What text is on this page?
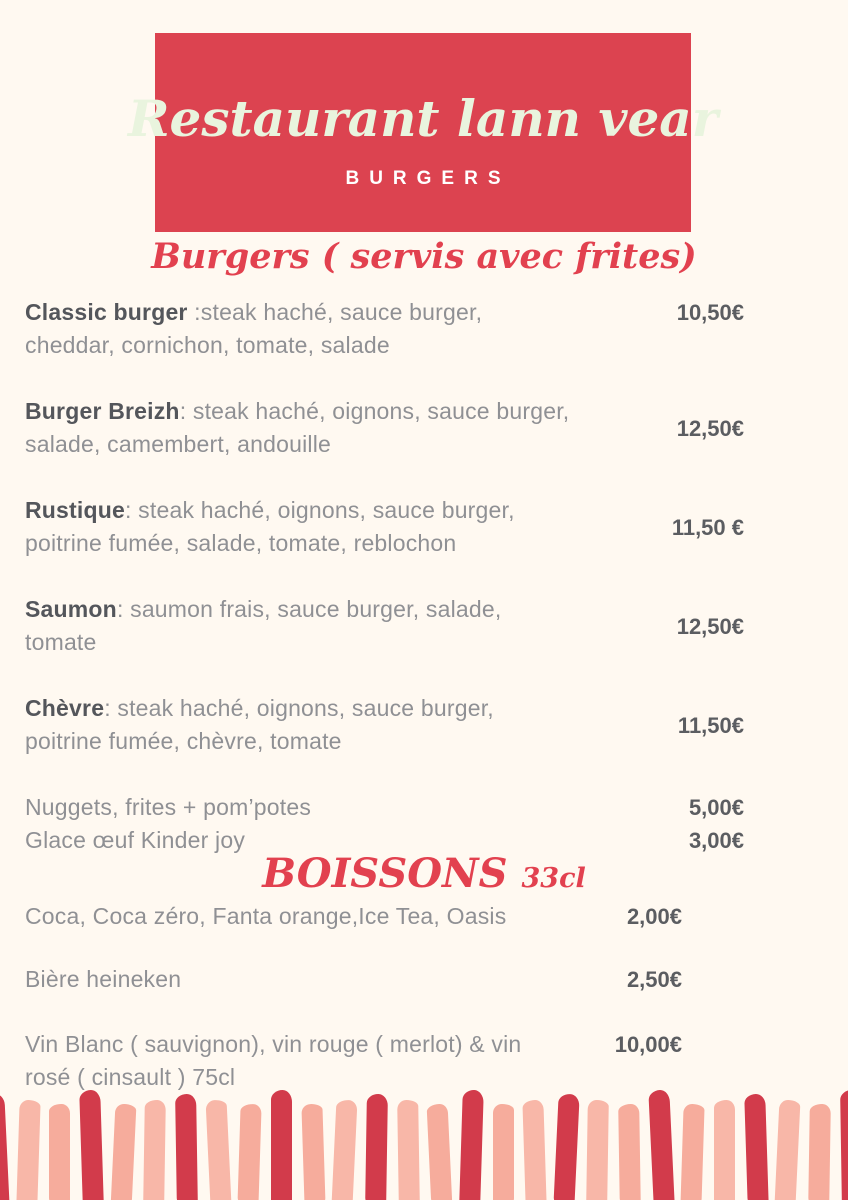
Restaurant lann vear
BURGERS
Burgers ( servis avec frites)
Classic burger :steak haché, sauce burger, cheddar, cornichon, tomate, salade
10,50€
Burger Breizh: steak haché, oignons, sauce burger, salade, camembert, andouille
12,50€
Rustique: steak haché, oignons, sauce burger, poitrine fumée, salade, tomate, reblochon
11,50 €
Saumon: saumon frais, sauce burger, salade, tomate
12,50€
Chèvre: steak haché, oignons, sauce burger, poitrine fumée, chèvre, tomate
11,50€
Nuggets, frites + pom’potes	5,00€
Glace œuf Kinder joy	3,00€
BOISSONS 33cl
Coca, Coca zéro, Fanta orange,Ice Tea, Oasis	2,00€
Bière heineken	2,50€
Vin Blanc ( sauvignon), vin rouge ( merlot) & vin rosé ( cinsault ) 75cl
10,00€
